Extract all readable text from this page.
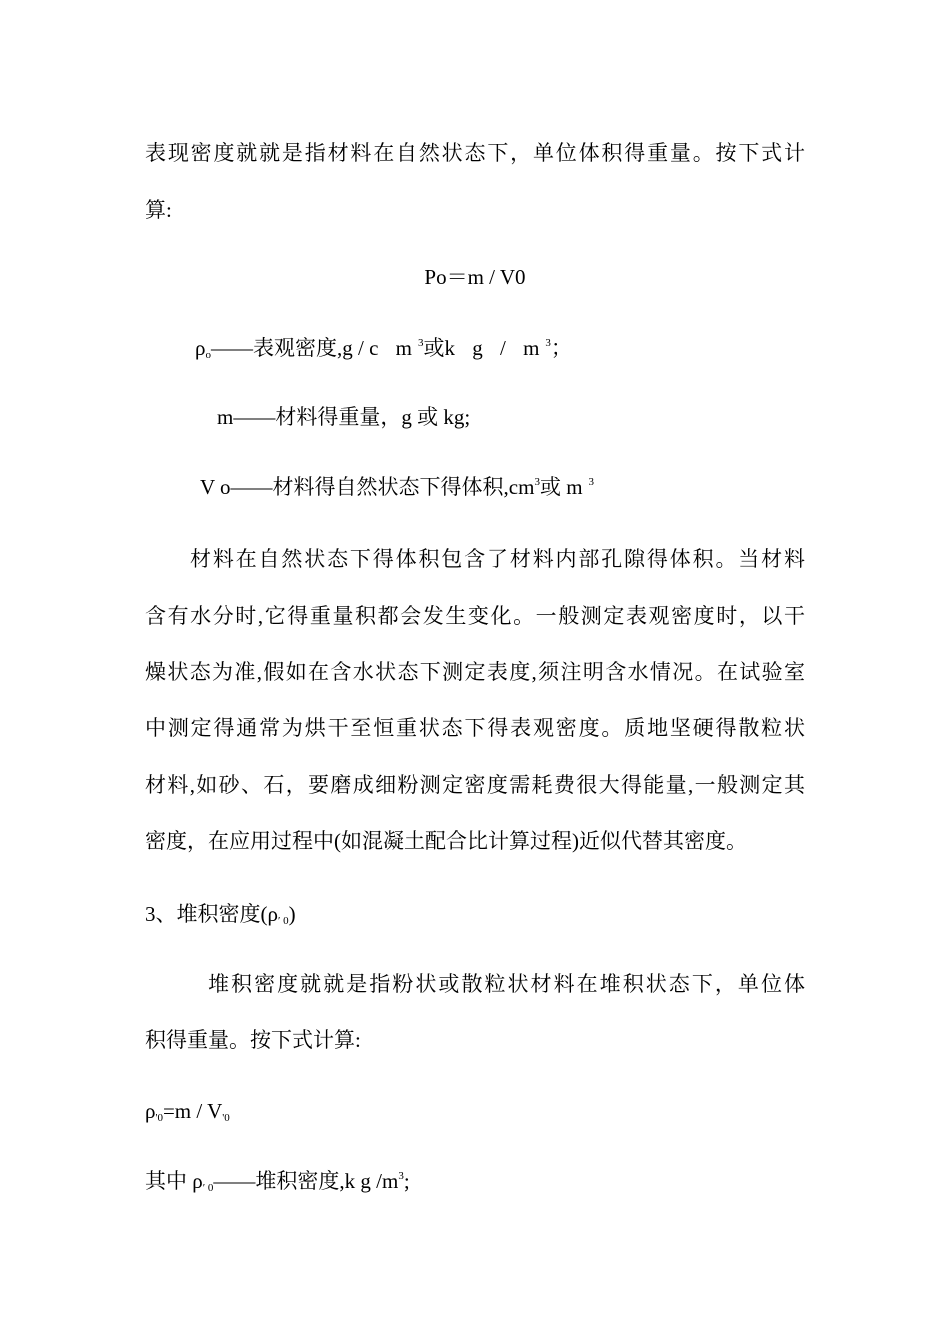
表现密度就就是指材料在自然状态下，单位体积得重量。按下式计
算:
Po＝m / V0
$\rho_o——$表观密度,g / c $m^3$或k g / $m^3$；
m——材料得重量，g 或 kg;
V o——材料得自然状态下得体积$,cm^3$或 m $^3$
材料在自然状态下得体积包含了材料内部孔隙得体积。当材料
含有水分时,它得重量积都会发生变化。一般测定表观密度时，以干
燥状态为准,假如在含水状态下测定表度,须注明含水情况。在试验室
中测定得通常为烘干至恒重状态下得表观密度。质地坚硬得散粒状
材料,如砂、石，要磨成细粉测定密度需耗费很大得能量,一般测定其
密度，在应用过程中(如混凝土配合比计算过程)近似代替其密度。
3、堆积密度$(\rho_{' 0})$
堆积密度就就是指粉状或散粒状材料在堆积状态下，单位体
积得重量。按下式计算:
$\rho_{'0}=m / V_{'0}$
其中 $\rho_{' 0}——$堆积密度,k g $/m^3$;
